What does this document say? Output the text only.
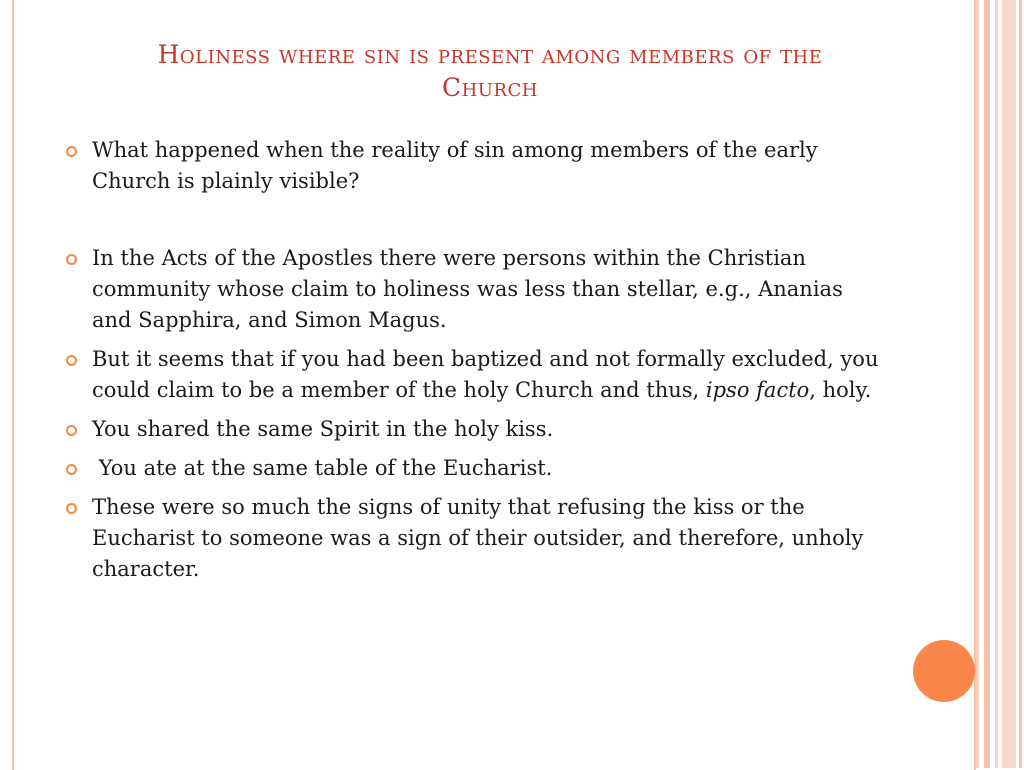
Holiness where sin is present among members of the
Church
What happened when the reality of sin among members of the early Church is plainly visible?
In the Acts of the Apostles there were persons within the Christian community whose claim to holiness was less than stellar, e.g., Ananias and Sapphira, and Simon Magus.
But it seems that if you had been baptized and not formally excluded, you could claim to be a member of the holy Church and thus, ipso facto, holy.
You shared the same Spirit in the holy kiss.
You ate at the same table of the Eucharist.
These were so much the signs of unity that refusing the kiss or the Eucharist to someone was a sign of their outsider, and therefore, unholy character.
